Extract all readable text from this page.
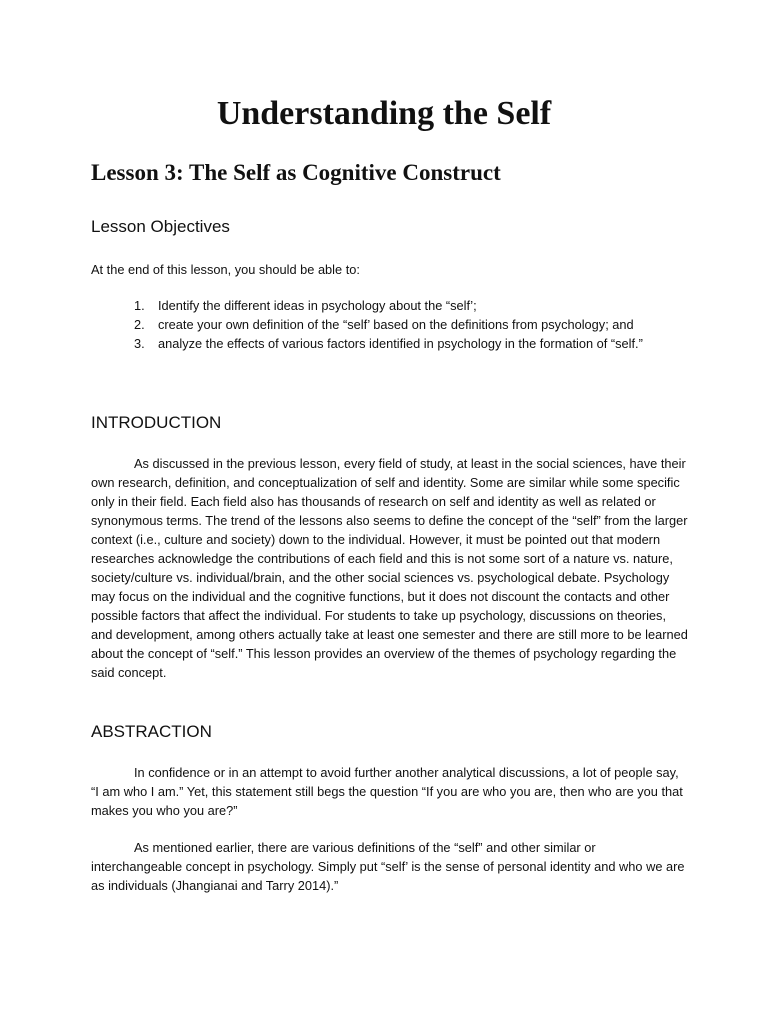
Understanding the Self
Lesson 3: The Self as Cognitive Construct
Lesson Objectives

At the end of this lesson, you should be able to:

1. Identify the different ideas in psychology about the “self’;
2. create your own definition of the “self’ based on the definitions from psychology; and
3. analyze the effects of various factors identified in psychology in the formation of “self.”
INTRODUCTION

As discussed in the previous lesson, every field of study, at least in the social sciences, have their own research, definition, and conceptualization of self and identity. Some are similar while some specific only in their field. Each field also has thousands of research on self and identity as well as related or synonymous terms. The trend of the lessons also seems to define the concept of the “self” from the larger context (i.e., culture and society) down to the individual. However, it must be pointed out that modern researches acknowledge the contributions of each field and this is not some sort of a nature vs. nature, society/culture vs. individual/brain, and the other social sciences vs. psychological debate. Psychology may focus on the individual and the cognitive functions, but it does not discount the contacts and other possible factors that affect the individual. For students to take up psychology, discussions on theories, and development, among others actually take at least one semester and there are still more to be learned about the concept of “self.” This lesson provides an overview of the themes of psychology regarding the said concept.

ABSTRACTION

In confidence or in an attempt to avoid further another analytical discussions, a lot of people say, “I am who I am.” Yet, this statement still begs the question “If you are who you are, then who are you that makes you who you are?”

As mentioned earlier, there are various definitions of the “self” and other similar or interchangeable concept in psychology. Simply put “self’ is the sense of personal identity and who we are as individuals (Jhangianai and Tarry 2014).”
